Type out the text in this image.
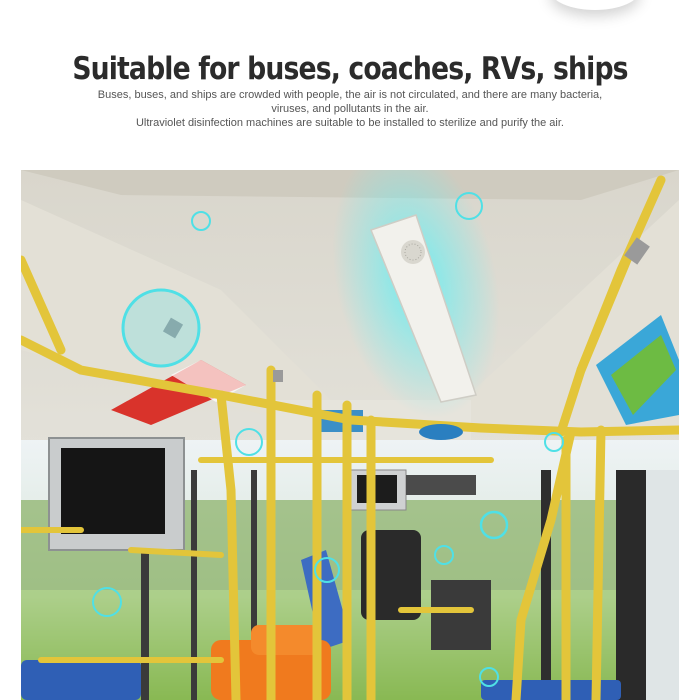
Suitable for buses, coaches, RVs, ships
Buses, buses, and ships are crowded with people, the air is not circulated, and there are many bacteria,
viruses, and pollutants in the air.
Ultraviolet disinfection machines are suitable to be installed to sterilize and purify the air.
